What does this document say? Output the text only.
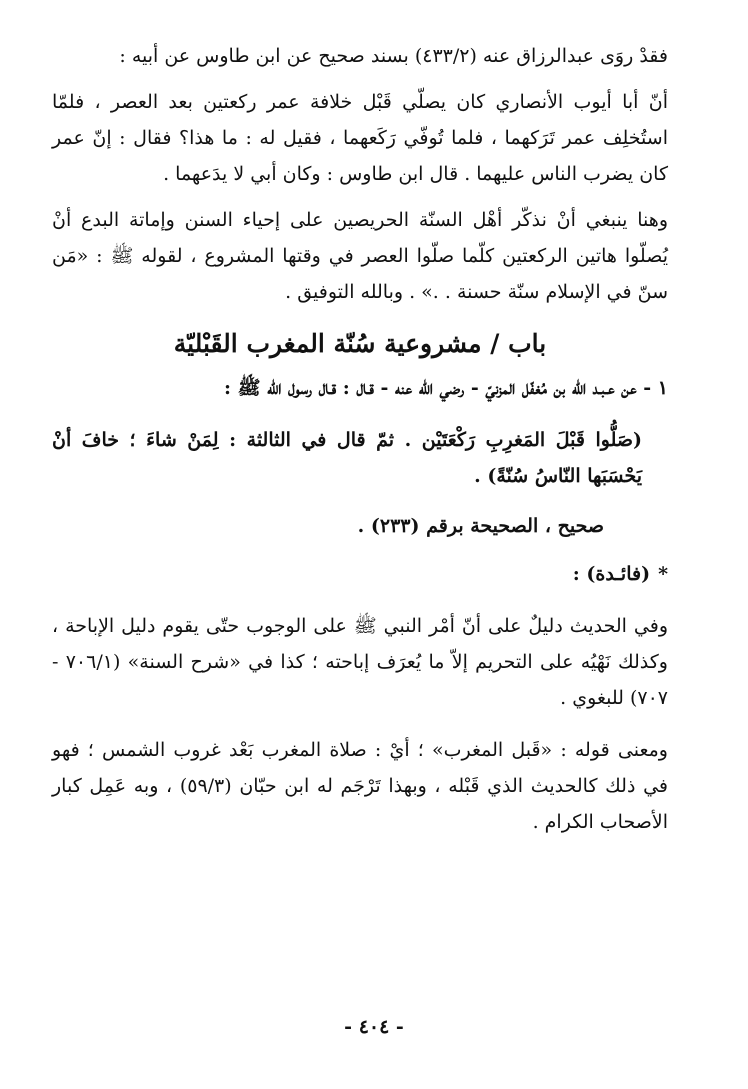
فقدْ روَى عبدالرزاق عنه (٤٣٣/٢) بسند صحيح عن ابن طاوس عن أبيه :

أنّ أبا أيوب الأنصاري كان يصلّي قَبْل خلافة عمر ركعتين بعد العصر ، فلمّا استُخلِف عمر تَرَكهما ، فلما تُوفّي رَكَعهما ، فقيل له : ما هذا؟ فقال : إنّ عمر كان يضرب الناس عليهما . قال ابن طاوس : وكان أبي لا يدَعهما .

وهنا ينبغي أنْ نذكّر أهْل السنّة الحريصين على إحياء السنن وإماتة البدع أنْ يُصلّوا هاتين الركعتين كلّما صلّوا العصر في وقتها المشروع ، لقوله ﷺ : «مَن سنّ في الإسلام سنّة حسنة . .» . وبالله التوفيق .

باب / مشروعية سُنّة المغرب القَبْليّة

١ - عن عـبـد الله بن مُغفّل المزنيّ - رضي الله عنه - قـال : قـال رسول الله ﷺ :

(صَلُّوا قَبْلَ المَغرِبِ رَكْعَتَيْن . ثمّ قال في الثالثة : لِمَنْ شاءَ ؛ خافَ أنْ يَحْسَبَها النّاسُ سُنّةً) .

صحيح ، الصحيحة برقم (٢٣٣) .

*(فائـدة) :

وفي الحديث دليلٌ على أنّ أمْر النبي ﷺ على الوجوب حتّى يقوم دليل الإباحة ، وكذلك نَهْيُه على التحريم إلاّ ما يُعرَف إباحته ؛ كذا في «شرح السنة» (٧٠٦/١ - ٧٠٧) للبغوي .

ومعنى قوله : «قَبل المغرب» ؛ أيْ : صلاة المغرب بَعْد غروب الشمس ؛ فهو في ذلك كالحديث الذي قَبْله ، وبهذا تَرْجَم له ابن حبّان (٥٩/٣) ، وبه عَمِل كبار الأصحاب الكرام .

- ٤٠٤ -
